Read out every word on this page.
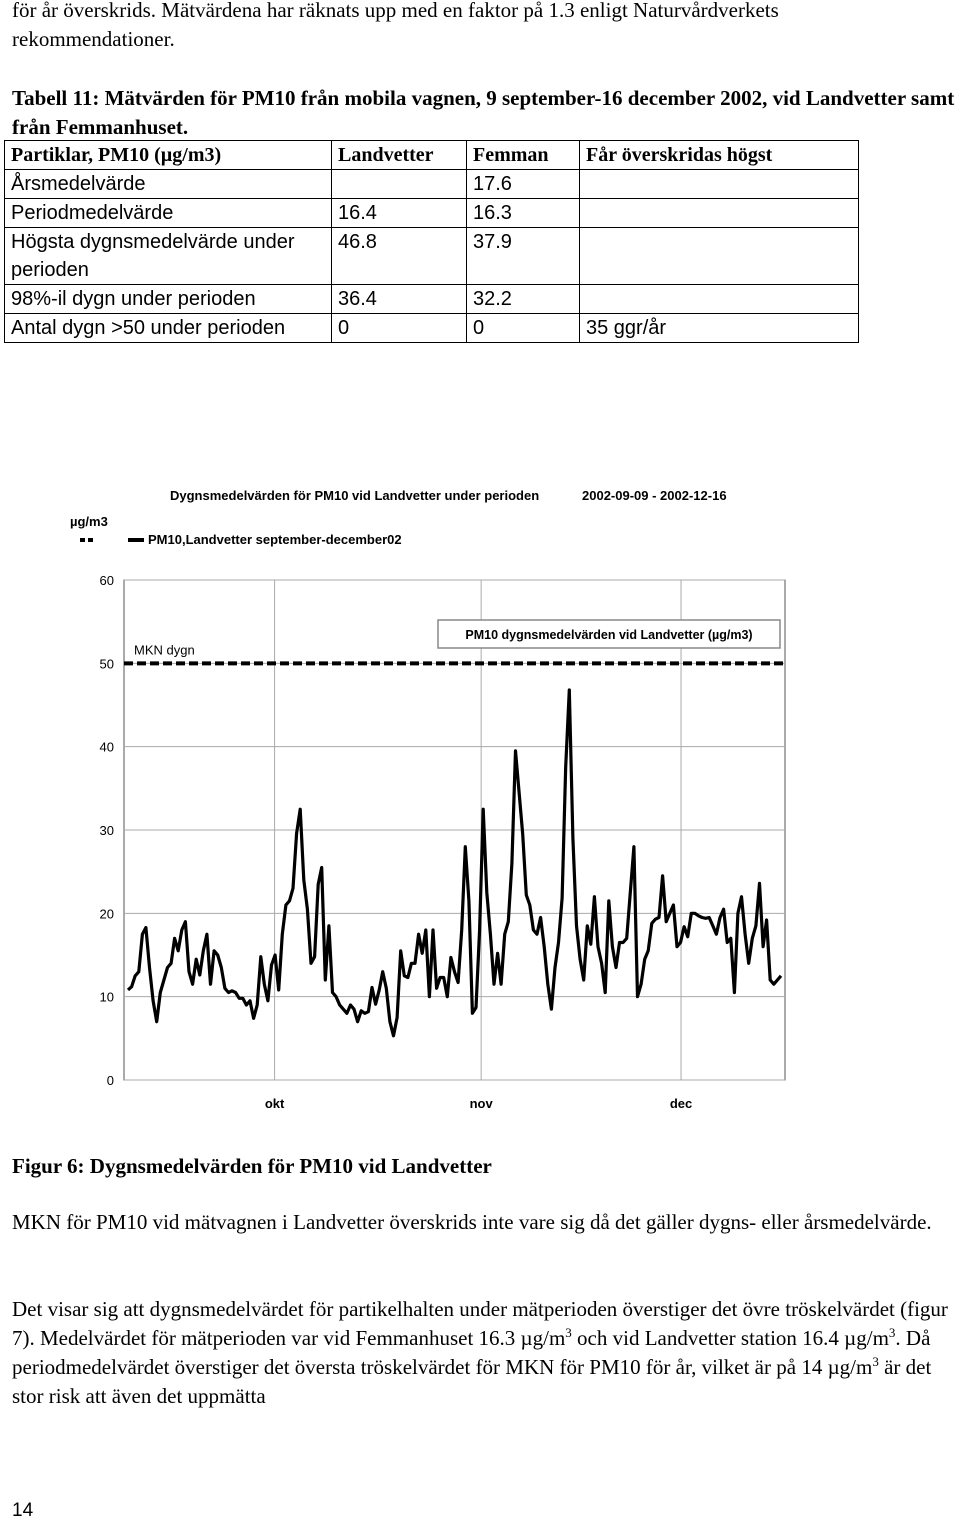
för år överskrids. Mätvärdena har räknats upp med en faktor på 1.3 enligt Naturvårdverkets
rekommendationer.

Tabell 11: Mätvärden för PM10 från mobila vagnen, 9 september-16 december 2002, vid Landvetter samt från Femmanhuset.

Partiklar, PM10 (µg/m3)	Landvetter	Femman	Får överskridas högst
Årsmedelvärde		17.6	
Periodmedelvärde	16.4	16.3	
Högsta dygnsmedelvärde under perioden	46.8	37.9	
98%-il dygn under perioden	36.4	32.2	
Antal dygn >50 under perioden	0	0	35 ggr/år
Dygnsmedelvärden för PM10 vid Landvetter under perioden	2002-09-09 - 2002-12-16
µg/m3
PM10,Landvetter september-december02
0
10
20
30
40
50
60
okt	nov	dec
MKN dygn
PM10 dygnsmedelvärden vid Landvetter (µg/m3)

Figur 6: Dygnsmedelvärden för PM10 vid Landvetter

MKN för PM10 vid mätvagnen i Landvetter överskrids inte vare sig då det gäller dygns- eller årsmedelvärde.

Det visar sig att dygnsmedelvärdet för partikelhalten under mätperioden överstiger det övre tröskelvärdet (figur 7). Medelvärdet för mätperioden var vid Femmanhuset 16.3 $\mu g/m^3$ och vid Landvetter station 16.4 $\mu g/m^3$. Då periodmedelvärdet överstiger det översta tröskelvärdet för MKN för PM10 för år, vilket är på 14 $\mu g/m^3$ är det stor risk att även det uppmätta

14
